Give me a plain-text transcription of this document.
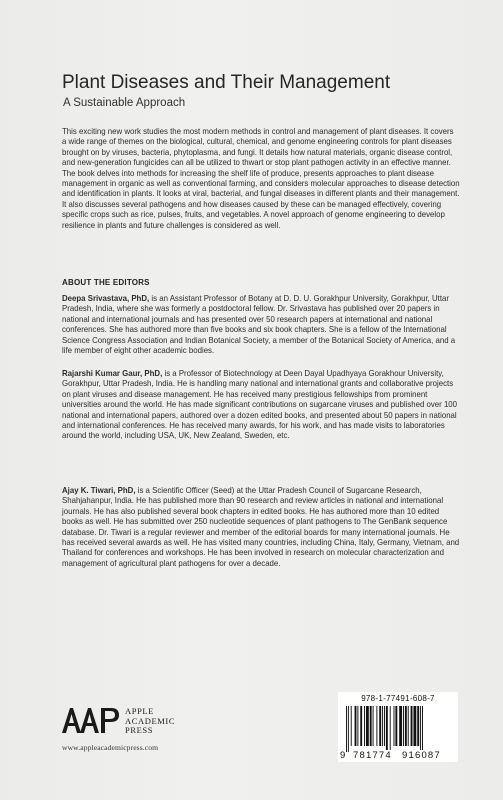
Plant Diseases and Their Management
A Sustainable Approach

This exciting new work studies the most modern methods in control and management of plant diseases. It covers a wide range of themes on the biological, cultural, chemical, and genome engineering controls for plant diseases brought on by viruses, bacteria, phytoplasma, and fungi. It details how natural materials, organic disease control, and new-generation fungicides can all be utilized to thwart or stop plant pathogen activity in an effective manner. The book delves into methods for increasing the shelf life of produce, presents approaches to plant disease management in organic as well as conventional farming, and considers molecular approaches to disease detection and identification in plants. It looks at viral, bacterial, and fungal diseases in different plants and their management. It also discusses several pathogens and how diseases caused by these can be managed effectively, covering specific crops such as rice, pulses, fruits, and vegetables. A novel approach of genome engineering to develop resilience in plants and future challenges is considered as well.

ABOUT THE EDITORS

Deepa Srivastava, PhD, is an Assistant Professor of Botany at D. D. U. Gorakhpur University, Gorakhpur, Uttar Pradesh, India, where she was formerly a postdoctoral fellow. Dr. Srivastava has published over 20 papers in national and international journals and has presented over 50 research papers at international and national conferences. She has authored more than five books and six book chapters. She is a fellow of the International Science Congress Association and Indian Botanical Society, a member of the Botanical Society of America, and a life member of eight other academic bodies.

Rajarshi Kumar Gaur, PhD, is a Professor of Biotechnology at Deen Dayal Upadhyaya Gorakhour University, Gorakhpur, Uttar Pradesh, India. He is handling many national and international grants and collaborative projects on plant viruses and disease management. He has received many prestigious fellowships from prominent universities around the world. He has made significant contributions on sugarcane viruses and published over 100 national and international papers, authored over a dozen edited books, and presented about 50 papers in national and international conferences. He has received many awards, for his work, and has made visits to laboratories around the world, including USA, UK, New Zealand, Sweden, etc.

Ajay K. Tiwari, PhD, is a Scientific Officer (Seed) at the Uttar Pradesh Council of Sugarcane Research, Shahjahanpur, India. He has published more than 90 research and review articles in national and international journals. He has also published several book chapters in edited books. He has authored more than 10 edited books as well. He has submitted over 250 nucleotide sequences of plant pathogens to The GenBank sequence database. Dr. Tiwari is a regular reviewer and member of the editorial boards for many international journals. He has received several awards as well. He has visited many countries, including China, Italy, Germany, Vietnam, and Thailand for conferences and workshops. He has been involved in research on molecular characterization and management of agricultural plant pathogens for over a decade.

APPLE
ACADEMIC
PRESS
www.appleacademicpress.com
978-1-77491-608-7
9 781774 916087
